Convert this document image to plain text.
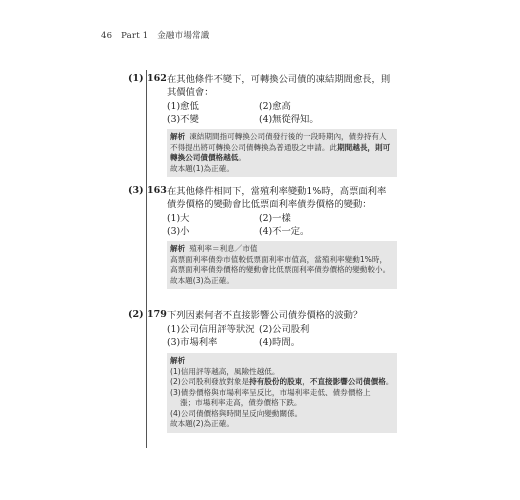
46 Part 1 金融市場常識
(1) 162 在其他條件不變下，可轉換公司債的凍結期間愈長，則其價值會：
(1)愈低	(2)愈高
(3)不變	(4)無從得知。
解析 凍結期間指可轉換公司債發行後的一段時期內，債券持有人不得提出將可轉換公司債轉換為普通股之申請。此期間越長，則可轉換公司債價格越低。
故本題(1)為正確。
(3) 163 在其他條件相同下，當殖利率變動1%時，高票面利率債券價格的變動會比低票面利率債券價格的變動：
(1)大	(2)一樣
(3)小	(4)不一定。
解析 殖利率＝利息／市值
高票面利率債券市值較低票面利率市值高，當殖利率變動1%時，高票面利率債券價格的變動會比低票面利率債券價格的變動較小。
故本題(3)為正確。
(2) 179 下列因素何者不直接影響公司債券價格的波動？
(1)公司信用評等狀況 (2)公司股利
(3)市場利率	(4)時間。
解析
(1)信用評等越高，風險性越低。
(2)公司股利發放對象是持有股份的股東，不直接影響公司債價格。
(3)債券價格與市場利率呈反比，市場利率走低、債券價格上
漲；市場利率走高，債券價格下跌。
(4)公司債價格與時間呈反向變動關係。
故本題(2)為正確。
